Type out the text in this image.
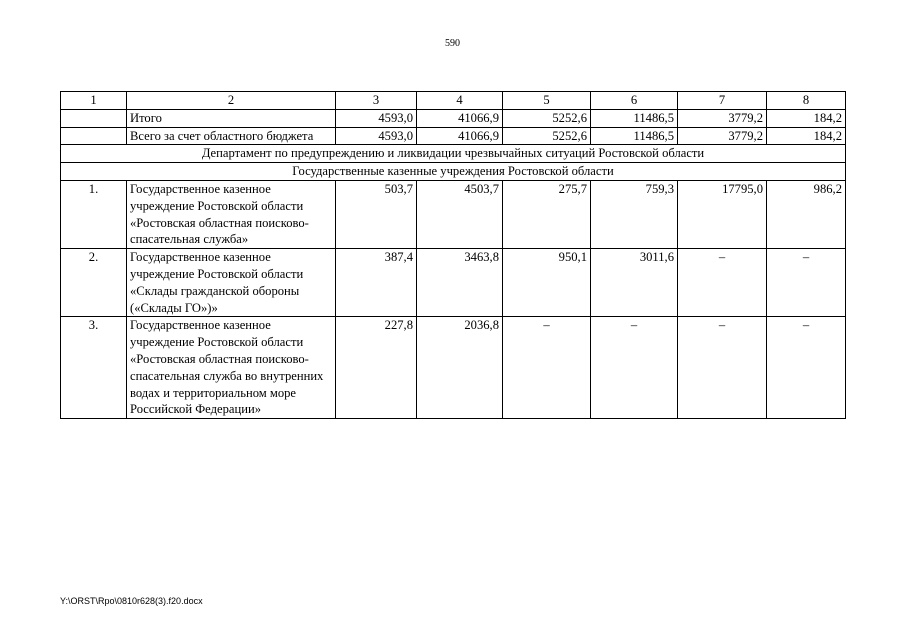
590
1	2	3	4	5	6	7	8
	Итого	4593,0	41066,9	5252,6	11486,5	3779,2	184,2
	Всего за счет областного бюджета	4593,0	41066,9	5252,6	11486,5	3779,2	184,2
Департамент по предупреждению и ликвидации чрезвычайных ситуаций Ростовской области							
Государственные казенные учреждения Ростовской области							
1.	Государственное казенное учреждение Ростовской области «Ростовская областная поисково-спасательная служба»	503,7	4503,7	275,7	759,3	17795,0	986,2
2.	Государственное казенное учреждение Ростовской области «Склады гражданской обороны («Склады ГО»)»	387,4	3463,8	950,1	3011,6	–	–
3.	Государственное казенное учреждение Ростовской области «Ростовская областная поисково-спасательная служба во внутренних водах и территориальном море Российской Федерации»	227,8	2036,8	–	–	–	–
Y:\ORST\Rpo\0810r628(3).f20.docx
